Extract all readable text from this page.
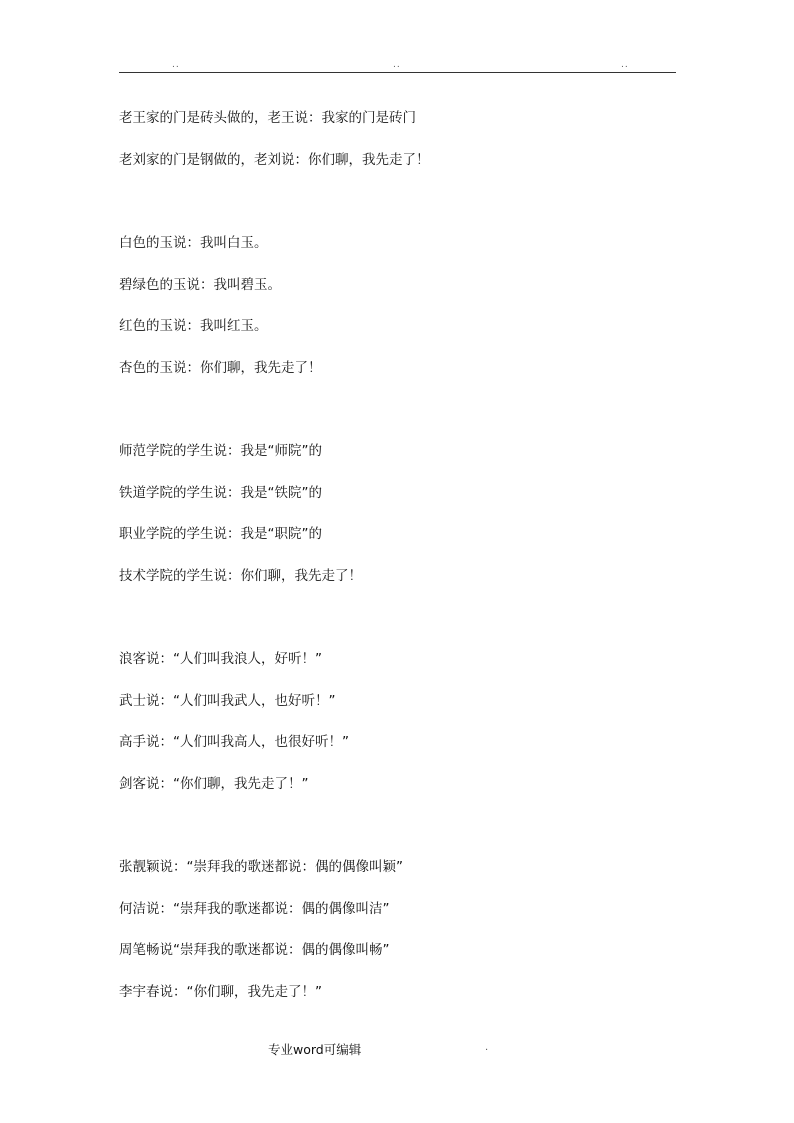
..	..	..
老王家的门是砖头做的，老王说：我家的门是砖门
老刘家的门是钢做的，老刘说：你们聊，我先走了！
白色的玉说：我叫白玉。
碧绿色的玉说：我叫碧玉。
红色的玉说：我叫红玉。
杏色的玉说：你们聊，我先走了！
师范学院的学生说：我是“师院”的
铁道学院的学生说：我是“铁院”的
职业学院的学生说：我是“职院”的
技术学院的学生说：你们聊，我先走了！
浪客说：“人们叫我浪人，好听！”
武士说：“人们叫我武人，也好听！”
高手说：“人们叫我高人，也很好听！”
剑客说：“你们聊，我先走了！”
张靓颖说：“崇拜我的歌迷都说：偶的偶像叫颖”
何洁说：“崇拜我的歌迷都说：偶的偶像叫洁”
周笔畅说“崇拜我的歌迷都说：偶的偶像叫畅”
李宇春说：“你们聊，我先走了！”
专业word可编辑	.
